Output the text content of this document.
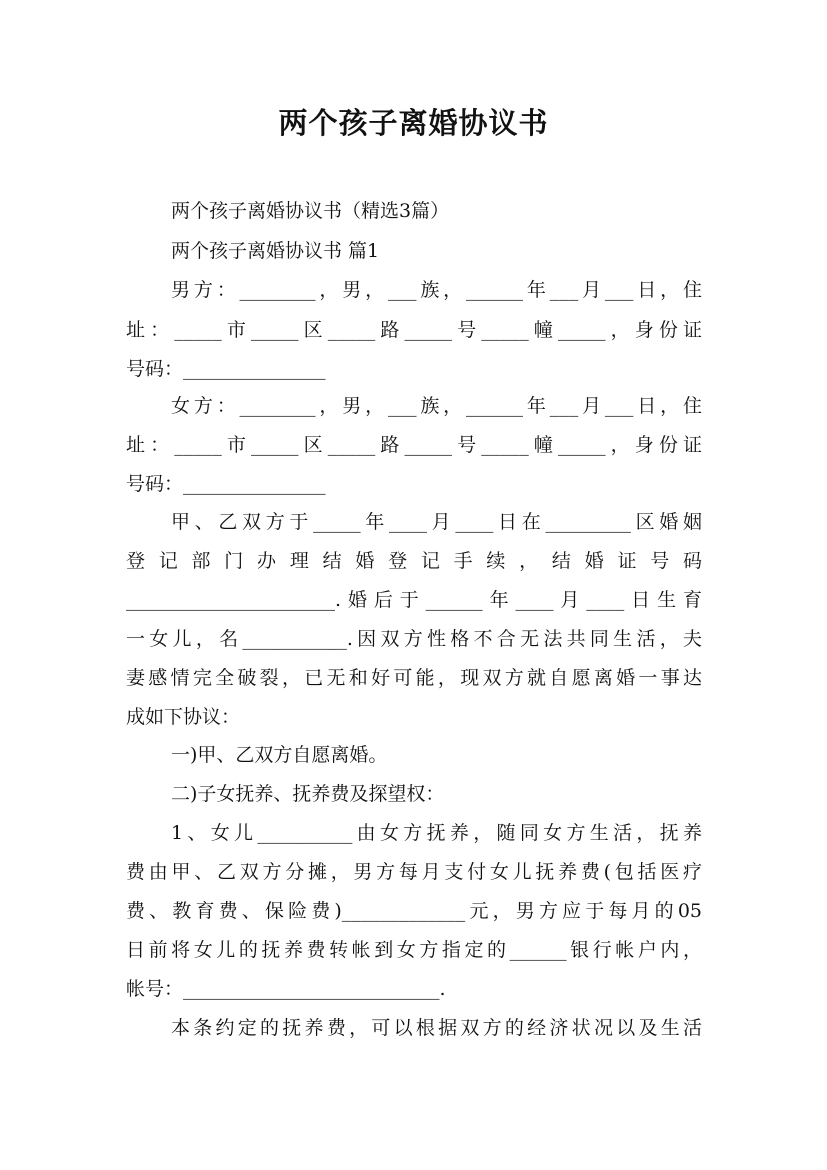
两个孩子离婚协议书
两个孩子离婚协议书（精选3篇）
两个孩子离婚协议书 篇1
男方：________，男，___族，______年___月___日，住
址：_____市_____区_____路_____号_____幢_____，身份证
号码：_______________
女方：________，男，___族，______年___月___日，住
址：_____市_____区_____路_____号_____幢_____，身份证
号码：_______________
甲、乙双方于_____年____月____日在_________区婚姻
登 记 部 门 办 理 结 婚 登 记 手 续 ， 结 婚 证 号 码
______________________.婚后于______年____月____日生育
一女儿，名___________.因双方性格不合无法共同生活，夫
妻感情完全破裂，已无和好可能，现双方就自愿离婚一事达
成如下协议：
一)甲、乙双方自愿离婚。
二)子女抚养、抚养费及探望权：
1、女儿__________由女方抚养，随同女方生活，抚养
费由甲、乙双方分摊，男方每月支付女儿抚养费(包括医疗
费、教育费、保险费)_____________元，男方应于每月的05
日前将女儿的抚养费转帐到女方指定的______银行帐户内，
帐号：___________________________.
本条约定的抚养费，可以根据双方的经济状况以及生活
